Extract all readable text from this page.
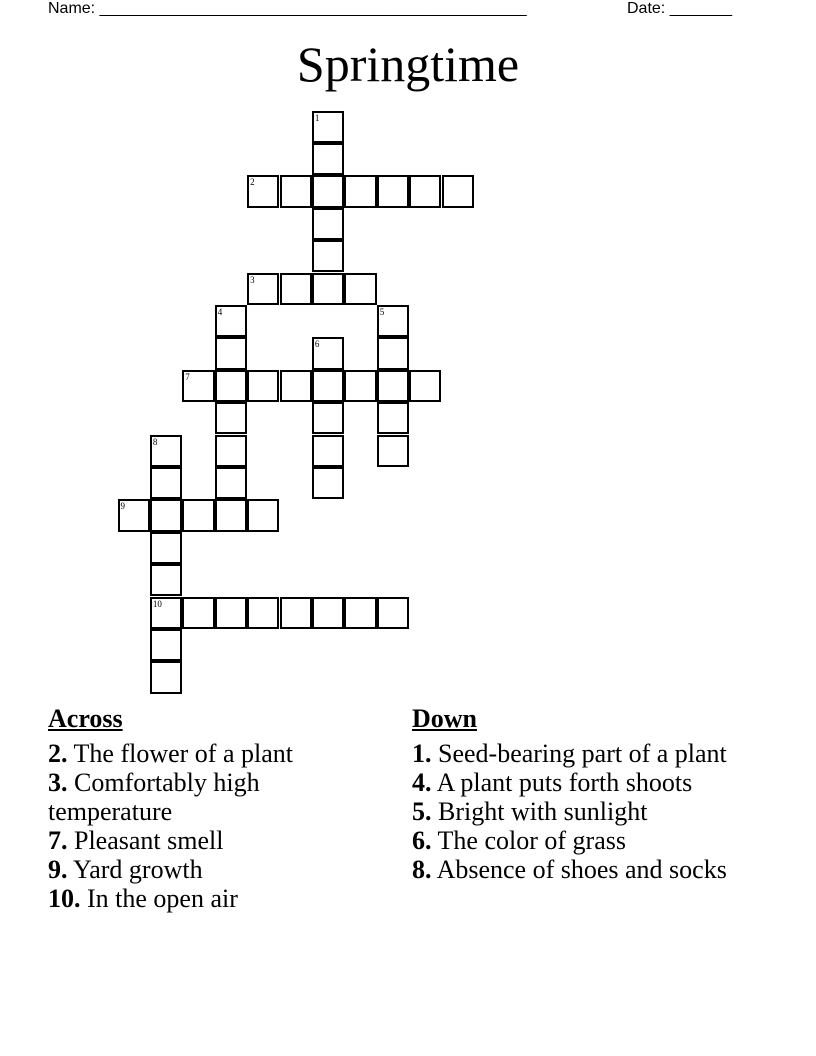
Name: ________________________________________________	Date: _______
Springtime
1
2
3
4	5
6
7
8
10
9
Across
2. The flower of a plant
3. Comfortably high temperature
7. Pleasant smell
9. Yard growth
10. In the open air
Down
1. Seed-bearing part of a plant
4. A plant puts forth shoots
5. Bright with sunlight
6. The color of grass
8. Absence of shoes and socks
